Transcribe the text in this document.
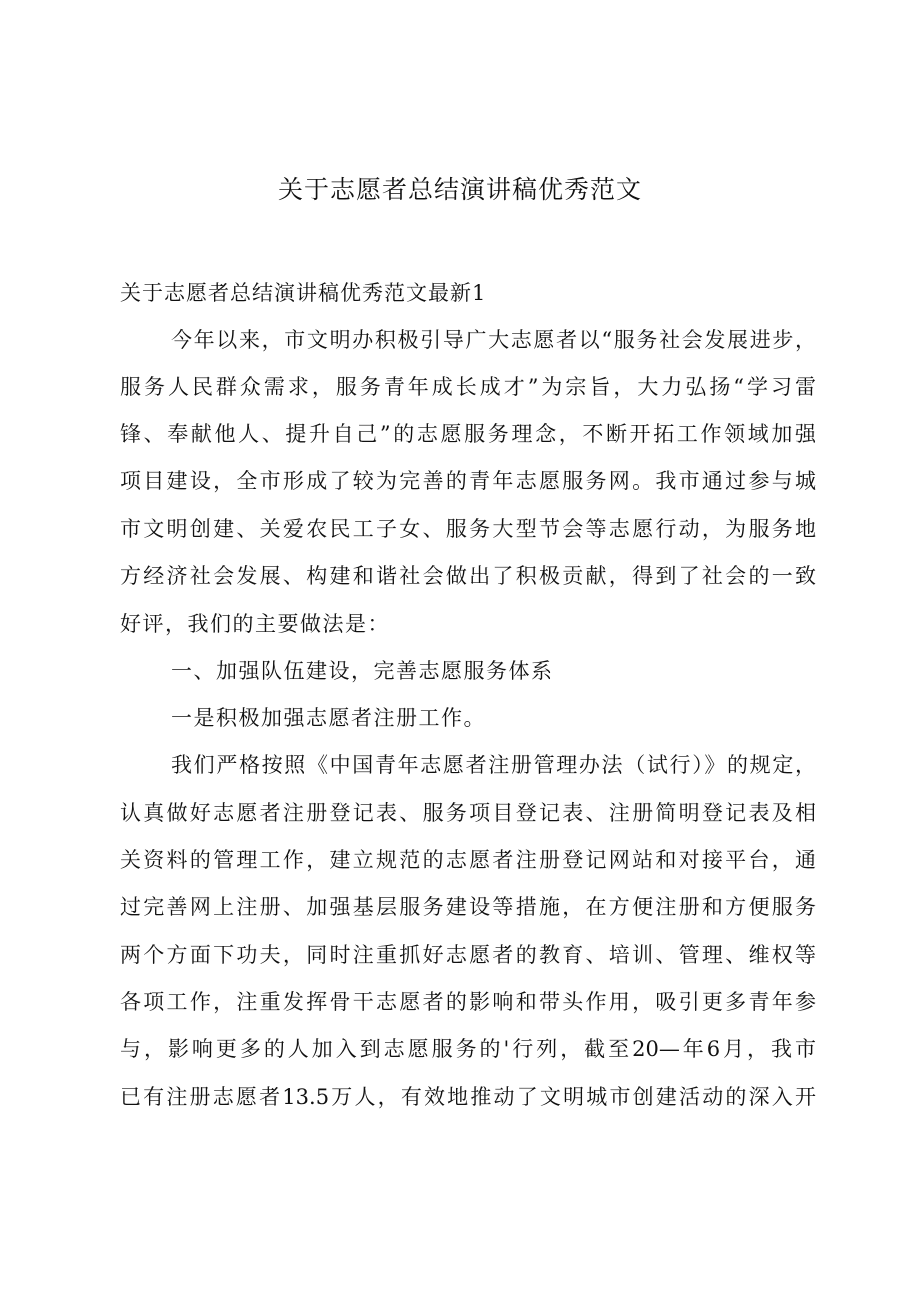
关于志愿者总结演讲稿优秀范文
关于志愿者总结演讲稿优秀范文最新1
今年以来，市文明办积极引导广大志愿者以“服务社会发展进步，
服务人民群众需求，服务青年成长成才”为宗旨，大力弘扬“学习雷
锋、奉献他人、提升自己”的志愿服务理念，不断开拓工作领域加强
项目建设，全市形成了较为完善的青年志愿服务网。我市通过参与城
市文明创建、关爱农民工子女、服务大型节会等志愿行动，为服务地
方经济社会发展、构建和谐社会做出了积极贡献，得到了社会的一致
好评，我们的主要做法是：
一、加强队伍建设，完善志愿服务体系
一是积极加强志愿者注册工作。
我们严格按照《中国青年志愿者注册管理办法（试行）》的规定，
认真做好志愿者注册登记表、服务项目登记表、注册简明登记表及相
关资料的管理工作，建立规范的志愿者注册登记网站和对接平台，通
过完善网上注册、加强基层服务建设等措施，在方便注册和方便服务
两个方面下功夫，同时注重抓好志愿者的教育、培训、管理、维权等
各项工作，注重发挥骨干志愿者的影响和带头作用，吸引更多青年参
与，影响更多的人加入到志愿服务的'行列，截至20—年6月，我市
已有注册志愿者13.5万人，有效地推动了文明城市创建活动的深入开
